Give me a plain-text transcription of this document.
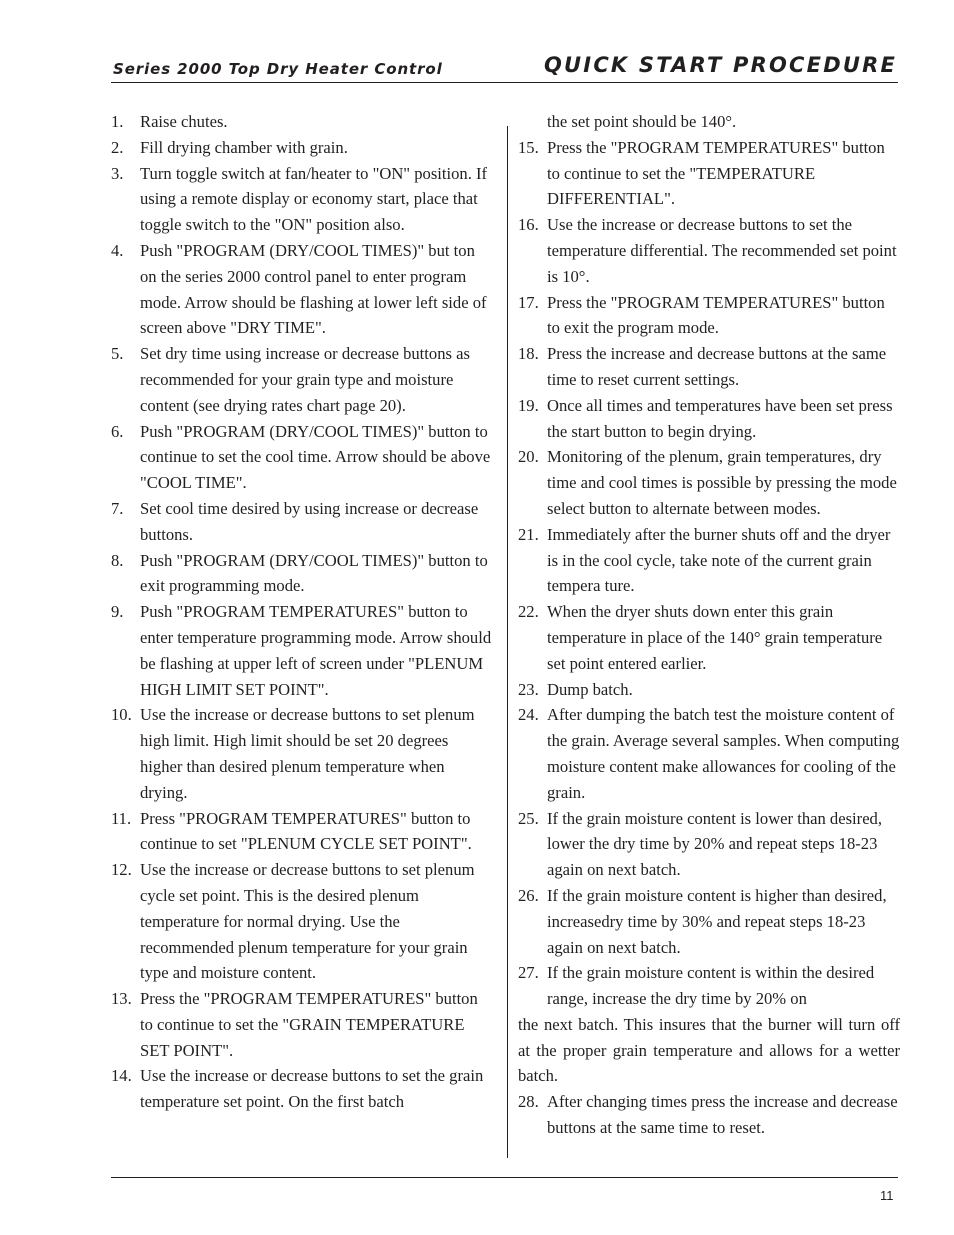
Series 2000 Top Dry Heater Control	QUICK START PROCEDURE
1. Raise chutes.
2. Fill drying chamber with grain.
3. Turn toggle switch at fan/heater to "ON" position. If using a remote display or economy start, place that toggle switch to the "ON" position also.
4. Push "PROGRAM (DRY/COOL TIMES)" but ton on the series 2000 control panel to enter program mode. Arrow should be flashing at lower left side of screen above "DRY TIME".
5. Set dry time using increase or decrease buttons as recommended for your grain type and moisture content (see drying rates chart page 20).
6. Push "PROGRAM (DRY/COOL TIMES)" button to continue to set the cool time. Arrow should be above "COOL TIME".
7. Set cool time desired by using increase or decrease buttons.
8. Push "PROGRAM (DRY/COOL TIMES)" button to exit programming mode.
9. Push "PROGRAM TEMPERATURES" button to enter temperature programming mode. Arrow should be flashing at upper left of screen under "PLENUM HIGH LIMIT SET POINT".
10. Use the increase or decrease buttons to set plenum high limit. High limit should be set 20 degrees higher than desired plenum temperature when drying.
11. Press "PROGRAM TEMPERATURES" button to continue to set "PLENUM CYCLE SET POINT".
12. Use the increase or decrease buttons to set plenum cycle set point. This is the desired plenum temperature for normal drying. Use the recommended plenum temperature for your grain type and moisture content.
13. Press the "PROGRAM TEMPERATURES" button to continue to set the "GRAIN TEMPERATURE SET POINT".
14. Use the increase or decrease buttons to set the grain temperature set point. On the first batch
the set point should be 140°.
15. Press the "PROGRAM TEMPERATURES" button to continue to set the "TEMPERATURE DIFFERENTIAL".
16. Use the increase or decrease buttons to set the temperature differential. The recommended set point is 10°.
17. Press the "PROGRAM TEMPERATURES" button to exit the program mode.
18. Press the increase and decrease buttons at the same time to reset current settings.
19. Once all times and temperatures have been set press the start button to begin drying.
20. Monitoring of the plenum, grain temperatures, dry time and cool times is possible by pressing the mode select button to alternate between modes.
21. Immediately after the burner shuts off and the dryer is in the cool cycle, take note of the current grain tempera ture.
22. When the dryer shuts down enter this grain temperature in place of the 140° grain temperature set point entered earlier.
23. Dump batch.
24. After dumping the batch test the moisture content of the grain. Average several samples. When computing moisture content make allowances for cooling of the grain.
25. If the grain moisture content is lower than desired, lower the dry time by 20% and repeat steps 18-23 again on next batch.
26. If the grain moisture content is higher than desired, increasedry time by 30% and repeat steps 18-23 again on next batch.
27. If the grain moisture content is within the desired range, increase the dry time by 20% on
the next batch. This insures that the burner will turn off at the proper grain temperature and allows for a wetter batch.
28. After changing times press the increase and decrease buttons at the same time to reset.
11
